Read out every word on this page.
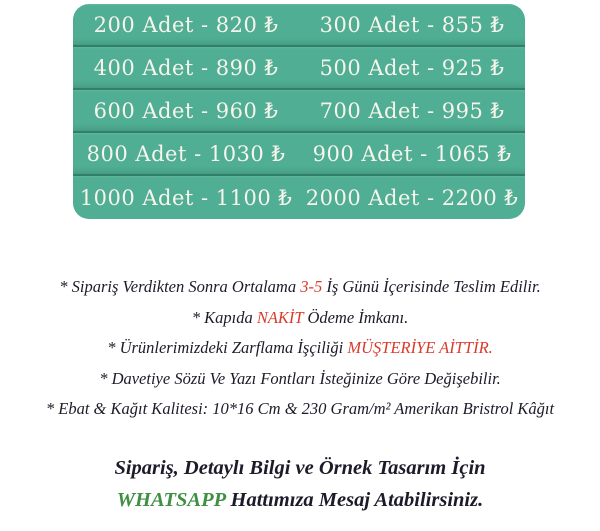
200 Adet - 820 ₺	300 Adet - 855 ₺
400 Adet - 890 ₺	500 Adet - 925 ₺
600 Adet - 960 ₺	700 Adet - 995 ₺
800 Adet - 1030 ₺	900 Adet - 1065 ₺
1000 Adet - 1100 ₺ 2000 Adet - 2200 ₺
* Sipariş Verdikten Sonra Ortalama 3-5 İş Günü İçerisinde Teslim Edilir.
* Kapıda NAKİT Ödeme İmkanı.
* Ürünlerimizdeki Zarflama İşçiliği MÜŞTERİYE AİTTİR.
* Davetiye Sözü Ve Yazı Fontları İsteğinize Göre Değişebilir.
* Ebat & Kağıt Kalitesi: 10*16 Cm & 230 Gram/m² Amerikan Bristrol Kâğıt
Sipariş, Detaylı Bilgi ve Örnek Tasarım İçin
WHATSAPP Hattımıza Mesaj Atabilirsiniz.
